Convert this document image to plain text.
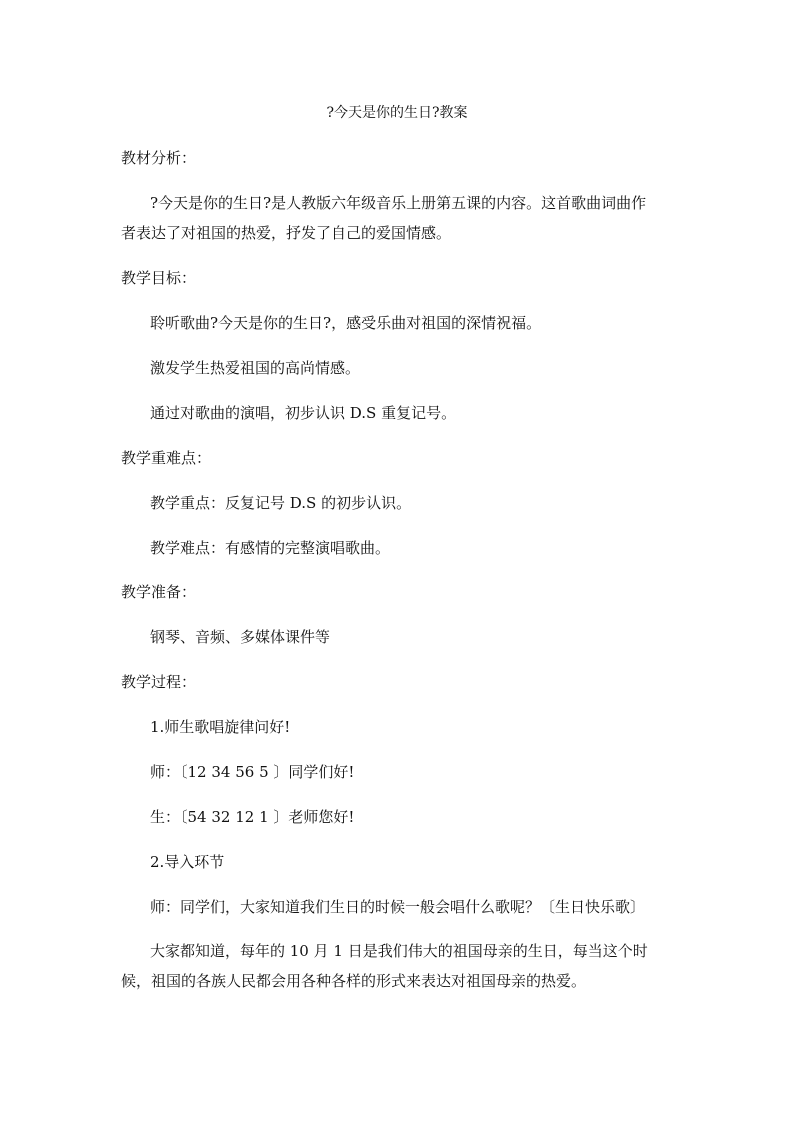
?今天是你的生日?教案
教材分析：
?今天是你的生日?是人教版六年级音乐上册第五课的内容。这首歌曲词曲作
者表达了对祖国的热爱，抒发了自己的爱国情感。
教学目标：
聆听歌曲?今天是你的生日?，感受乐曲对祖国的深情祝福。
激发学生热爱祖国的高尚情感。
通过对歌曲的演唱，初步认识 D.S 重复记号。
教学重难点：
教学重点：反复记号 D.S 的初步认识。
教学难点：有感情的完整演唱歌曲。
教学准备：
钢琴、音频、多媒体课件等
教学过程：
1.师生歌唱旋律问好!
师：〔12 34 56 5 〕同学们好!
生：〔54 32 12 1 〕老师您好!
2.导入环节
师：同学们，大家知道我们生日的时候一般会唱什么歌呢？〔生日快乐歌〕
大家都知道，每年的 10 月 1 日是我们伟大的祖国母亲的生日，每当这个时
候，祖国的各族人民都会用各种各样的形式来表达对祖国母亲的热爱。
